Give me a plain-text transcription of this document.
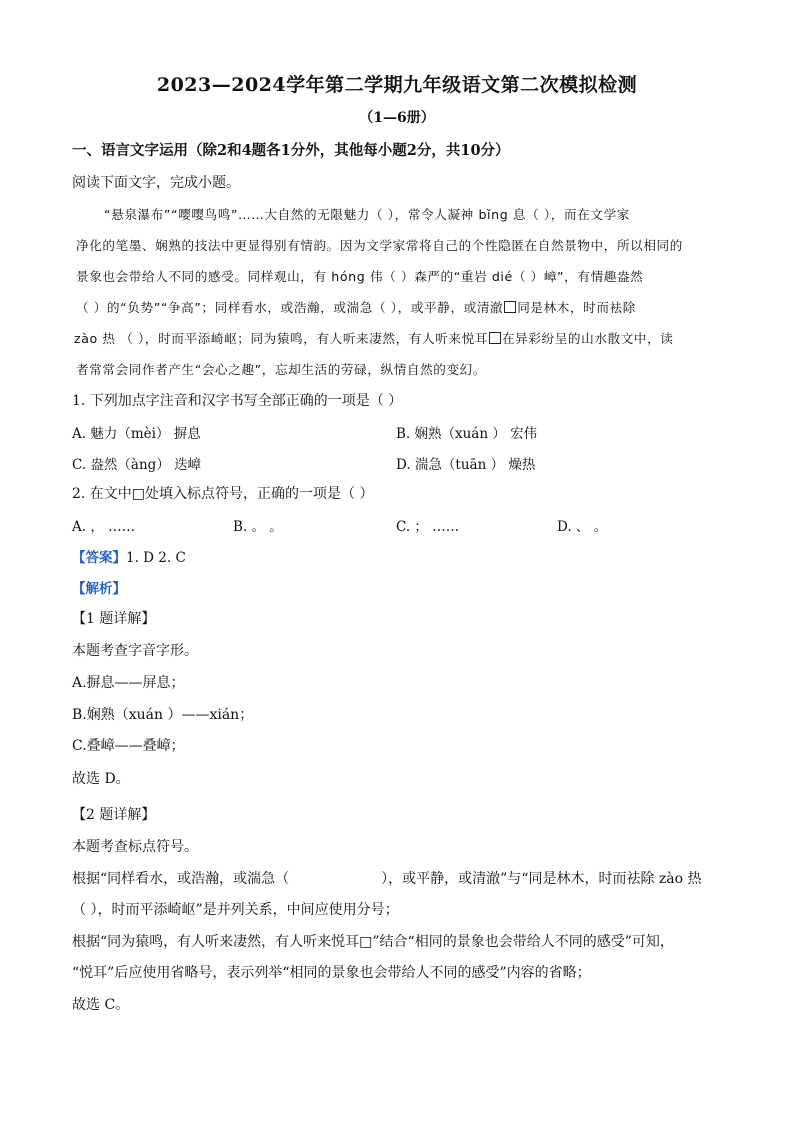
2023—2024学年第二学期九年级语文第二次模拟检测
（1—6册）
一、语言文字运用（除2和4题各1分外，其他每小题2分，共10分）
阅读下面文字，完成小题。
“悬泉瀑布”“嘤嘤鸟鸣”……大自然的无限魅力（ ），常令人凝神 bǐng 息（ ），而在文学家
净化的笔墨、娴熟的技法中更显得别有情韵。因为文学家常将自己的个性隐匿在自然景物中，所以相同的
景象也会带给人不同的感受。同样观山，有 hóng 伟（ ）森严的“重岩 dié（ ）嶂”，有情趣盎然
（ ）的“负势”“争高”；同样看水，或浩瀚，或湍急（ ），或平静，或清澈 同是林木，时而袪除
zào 热 （ ），时而平添崎岖；同为猿鸣，有人听来凄然，有人听来悦耳 在异彩纷呈的山水散文中，读
者常常会同作者产生“会心之趣”，忘却生活的劳碌，纵情自然的变幻。
1. 下列加点字注音和汉字书写全部正确的一项是（ ）
A. 魅力（mèi） 摒息	B. 娴熟（xuán ） 宏伟
C. 盎然（àng） 迭嶂	D. 湍急（tuān ） 燥热
2. 在文中□处填入标点符号，正确的一项是（ ）
A. ， ……	B. 。 。	C. ； ……	D. 、 。
【答案】1. D 2. C
【解析】
【1 题详解】
本题考查字音字形。
A.摒息——屏息；
B.娴熟（xuán ）——xián；
C.叠嶂——叠嶂；
故选 D。
【2 题详解】
本题考查标点符号。
根据“同样看水，或浩瀚，或湍急（	），或平静，或清澈”与“同是林木，时而祛除 zào 热
（ ），时而平添崎岖”是并列关系，中间应使用分号；
根据“同为猿鸣，有人听来凄然，有人听来悦耳□”结合“相同的景象也会带给人不同的感受”可知，
“悦耳”后应使用省略号，表示列举“相同的景象也会带给人不同的感受”内容的省略；
故选 C。
